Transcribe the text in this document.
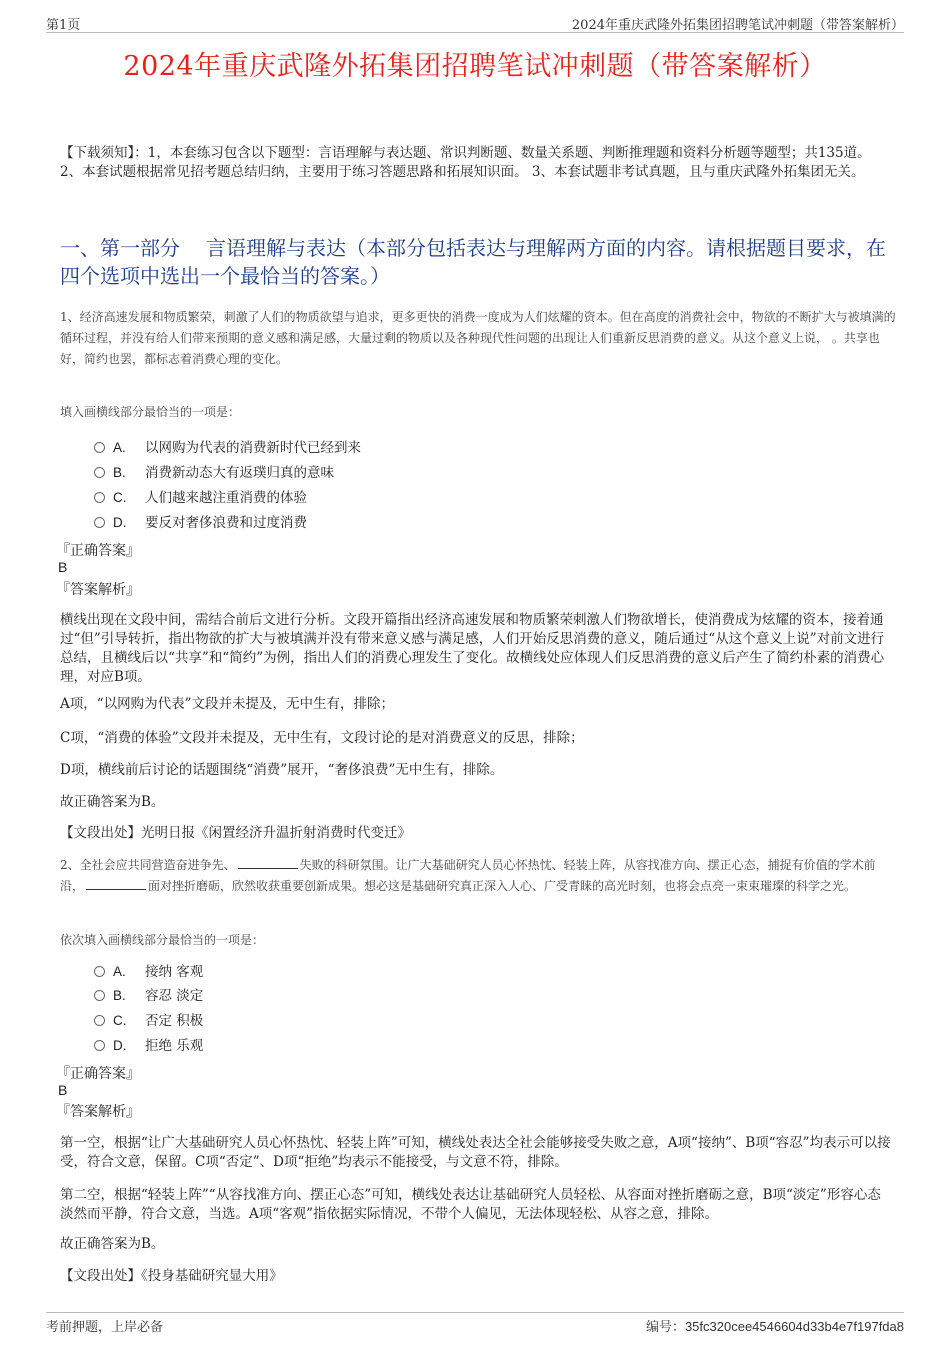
第1页	2024年重庆武隆外拓集团招聘笔试冲刺题（带答案解析）
2024年重庆武隆外拓集团招聘笔试冲刺题（带答案解析）
【下载须知】：1，本套练习包含以下题型：言语理解与表达题、常识判断题、数量关系题、判断推理题和资料分析题等题型；共135道。 2、本套试题根据常见招考题总结归纳，主要用于练习答题思路和拓展知识面。 3、本套试题非考试真题，且与重庆武隆外拓集团无关。
一、第一部分 言语理解与表达（本部分包括表达与理解两方面的内容。请根据题目要求，在四个选项中选出一个最恰当的答案。）
1、经济高速发展和物质繁荣，刺激了人们的物质欲望与追求，更多更快的消费一度成为人们炫耀的资本。但在高度的消费社会中，物欲的不断扩大与被填满的循环过程，并没有给人们带来预期的意义感和满足感，大量过剩的物质以及各种现代性问题的出现让人们重新反思消费的意义。从这个意义上说， 。共享也好，简约也罢，都标志着消费心理的变化。
填入画横线部分最恰当的一项是：
A. 以网购为代表的消费新时代已经到来
B. 消费新动态大有返璞归真的意味
C. 人们越来越注重消费的体验
D. 要反对奢侈浪费和过度消费
『正确答案』
B
『答案解析』
横线出现在文段中间，需结合前后文进行分析。文段开篇指出经济高速发展和物质繁荣刺激人们物欲增长，使消费成为炫耀的资本，接着通过“但”引导转折，指出物欲的扩大与被填满并没有带来意义感与满足感，人们开始反思消费的意义，随后通过“从这个意义上说”对前文进行总结，且横线后以“共享”和“简约”为例，指出人们的消费心理发生了变化。故横线处应体现人们反思消费的意义后产生了简约朴素的消费心理，对应B项。
A项，“以网购为代表”文段并未提及，无中生有，排除；
C项，“消费的体验”文段并未提及，无中生有，文段讨论的是对消费意义的反思，排除；
D项，横线前后讨论的话题围绕“消费”展开，“奢侈浪费”无中生有，排除。
故正确答案为B。
【文段出处】光明日报《闲置经济升温折射消费时代变迁》
2、全社会应共同营造奋进争先、	失败的科研氛围。让广大基础研究人员心怀热忱、轻装上阵，从容找准方向、摆正心态，捕捉有价值的学术前沿，	面对挫折磨砺，欣然收获重要创新成果。想必这是基础研究真正深入人心、广受青睐的高光时刻，也将会点亮一束束璀璨的科学之光。
依次填入画横线部分最恰当的一项是：
A. 接纳 客观
B. 容忍 淡定
C. 否定 积极
D. 拒绝 乐观
『正确答案』
B
『答案解析』
第一空，根据“让广大基础研究人员心怀热忱、轻装上阵”可知，横线处表达全社会能够接受失败之意，A项“接纳”、B项“容忍”均表示可以接受，符合文意，保留。C项“否定”、D项“拒绝”均表示不能接受，与文意不符，排除。
第二空，根据“轻装上阵”“从容找准方向、摆正心态”可知，横线处表达让基础研究人员轻松、从容面对挫折磨砺之意，B项“淡定”形容心态淡然而平静，符合文意，当选。A项“客观”指依据实际情况，不带个人偏见，无法体现轻松、从容之意，排除。
故正确答案为B。
【文段出处】《投身基础研究显大用》
考前押题，上岸必备	编号：35fc320cee4546604d33b4e7f197fda8
